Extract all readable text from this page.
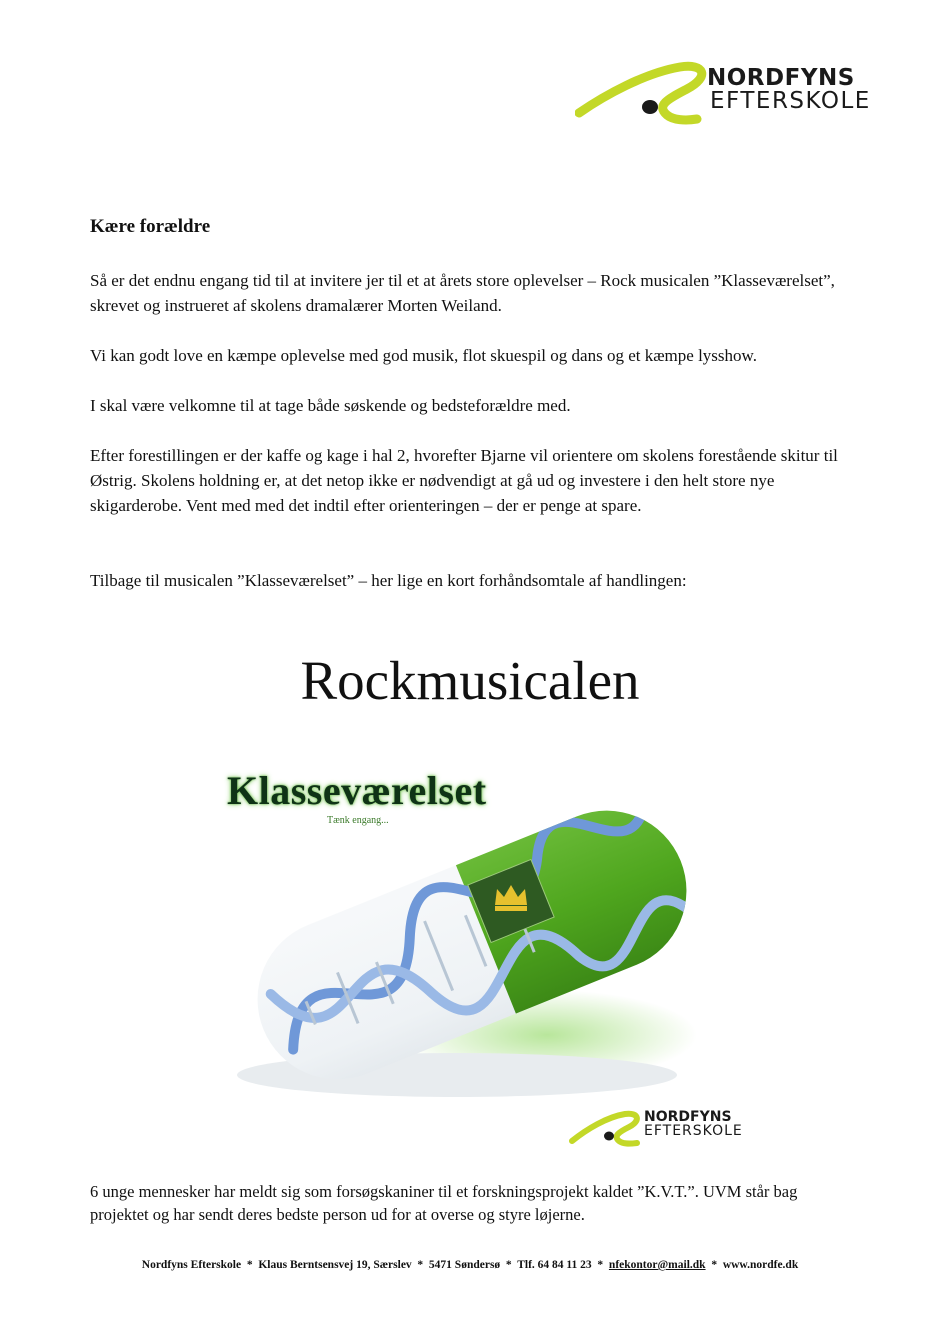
NORDFYNS
EFTERSKOLE
Kære forældre

Så er det endnu engang tid til at invitere jer til et at årets store oplevelser – Rock musicalen ”Klasseværelset”, skrevet og instrueret af skolens dramalærer Morten Weiland.

Vi kan godt love en kæmpe oplevelse med god musik, flot skuespil og dans og et kæmpe lysshow.

I skal være velkomne til at tage både søskende og bedsteforældre med.

Efter forestillingen er der kaffe og kage i hal 2, hvorefter Bjarne vil orientere om skolens forestående skitur til Østrig. Skolens holdning er, at det netop ikke er nødvendigt at gå ud og investere i den helt store nye skigarderobe. Vent med med det indtil efter orienteringen – der er penge at spare.

Tilbage til musicalen ”Klasseværelset” – her lige en kort forhåndsomtale af handlingen:

Rockmusicalen
Klasseværelset
Tænk engang...
NORDFYNS
EFTERSKOLE

6 unge mennesker har meldt sig som forsøgskaniner til et forskningsprojekt kaldet ”K.V.T.”. UVM står bag projektet og har sendt deres bedste person ud for at overse og styre løjerne.

Nordfyns Efterskole  *  Klaus Berntsensvej 19, Særslev  *  5471 Søndersø  *  Tlf. 64 84 11 23  *  nfekontor@mail.dk  *  www.nordfe.dk
